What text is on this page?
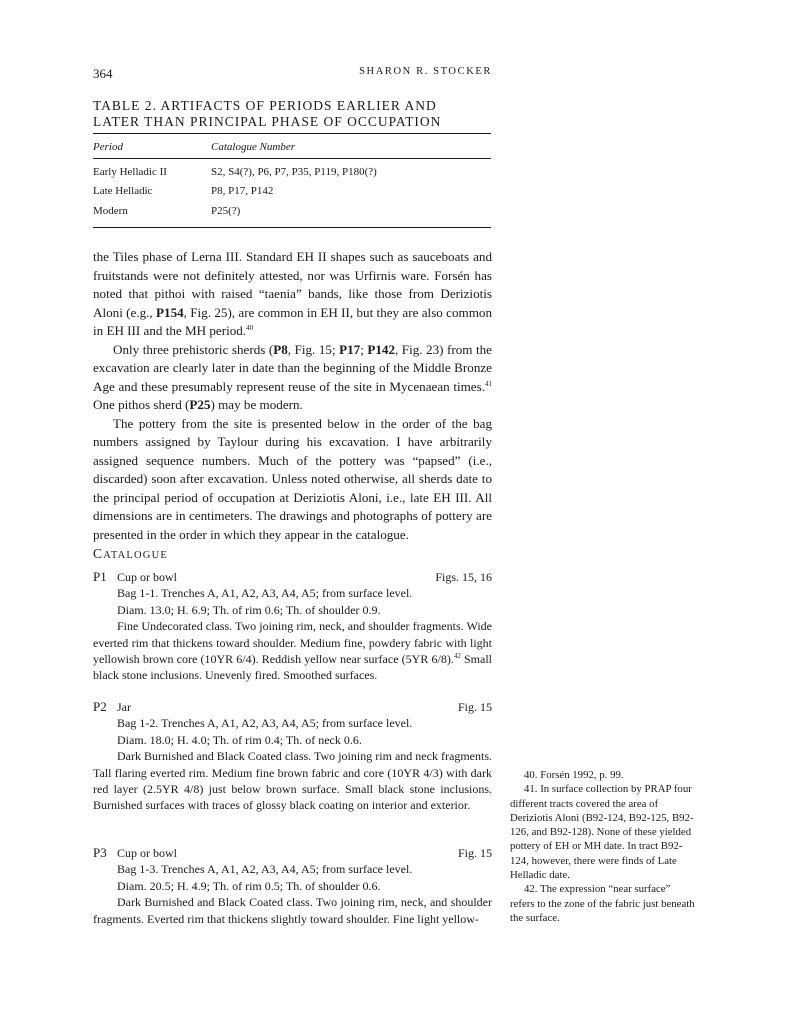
364	SHARON R. STOCKER
TABLE 2. ARTIFACTS OF PERIODS EARLIER AND
LATER THAN PRINCIPAL PHASE OF OCCUPATION
Period	Catalogue Number
Early Helladic II	S2, S4(?), P6, P7, P35, P119, P180(?)
Late Helladic	P8, P17, P142
Modern	P25(?)

the Tiles phase of Lerna III. Standard EH II shapes such as sauceboats and fruitstands were not definitely attested, nor was Urfirnis ware. Forsén has noted that pithoi with raised “taenia” bands, like those from Deriziotis Aloni (e.g., P154, Fig. 25), are common in EH II, but they are also common in EH III and the MH period.$^{40}$

Only three prehistoric sherds (P8, Fig. 15; P17; P142, Fig. 23) from the excavation are clearly later in date than the beginning of the Middle Bronze Age and these presumably represent reuse of the site in Mycenaean times.$^{41}$ One pithos sherd (P25) may be modern.

The pottery from the site is presented below in the order of the bag numbers assigned by Taylour during his excavation. I have arbitrarily assigned sequence numbers. Much of the pottery was “papsed” (i.e., discarded) soon after excavation. Unless noted otherwise, all sherds date to the principal period of occupation at Deriziotis Aloni, i.e., late EH III. All dimensions are in centimeters. The drawings and photographs of pottery are presented in the order in which they appear in the catalogue.

CATALOGUE
P1 Cup or bowl	Figs. 15, 16

Bag 1-1. Trenches A, A1, A2, A3, A4, A5; from surface level.

Diam. 13.0; H. 6.9; Th. of rim 0.6; Th. of shoulder 0.9.

Fine Undecorated class. Two joining rim, neck, and shoulder fragments. Wide everted rim that thickens toward shoulder. Medium fine, powdery fabric with light yellowish brown core (10YR 6/4). Reddish yellow near surface (5YR 6/8).$^{42}$ Small black stone inclusions. Unevenly fired. Smoothed surfaces.

P2 Jar	Fig. 15

Bag 1-2. Trenches A, A1, A2, A3, A4, A5; from surface level.

Diam. 18.0; H. 4.0; Th. of rim 0.4; Th. of neck 0.6.

Dark Burnished and Black Coated class. Two joining rim and neck fragments. Tall flaring everted rim. Medium fine brown fabric and core (10YR 4/3) with dark red layer (2.5YR 4/8) just below brown surface. Small black stone inclusions. Burnished surfaces with traces of glossy black coating on interior and exterior.

P3 Cup or bowl	Fig. 15

Bag 1-3. Trenches A, A1, A2, A3, A4, A5; from surface level.

Diam. 20.5; H. 4.9; Th. of rim 0.5; Th. of shoulder 0.6.

Dark Burnished and Black Coated class. Two joining rim, neck, and shoulder fragments. Everted rim that thickens slightly toward shoulder. Fine light yellow-

40. Forsén 1992, p. 99.

41. In surface collection by PRAP four different tracts covered the area of Deriziotis Aloni (B92-124, B92-125, B92-126, and B92-128). None of these yielded pottery of EH or MH date. In tract B92-124, however, there were finds of Late Helladic date.

42. The expression “near surface” refers to the zone of the fabric just beneath the surface.
